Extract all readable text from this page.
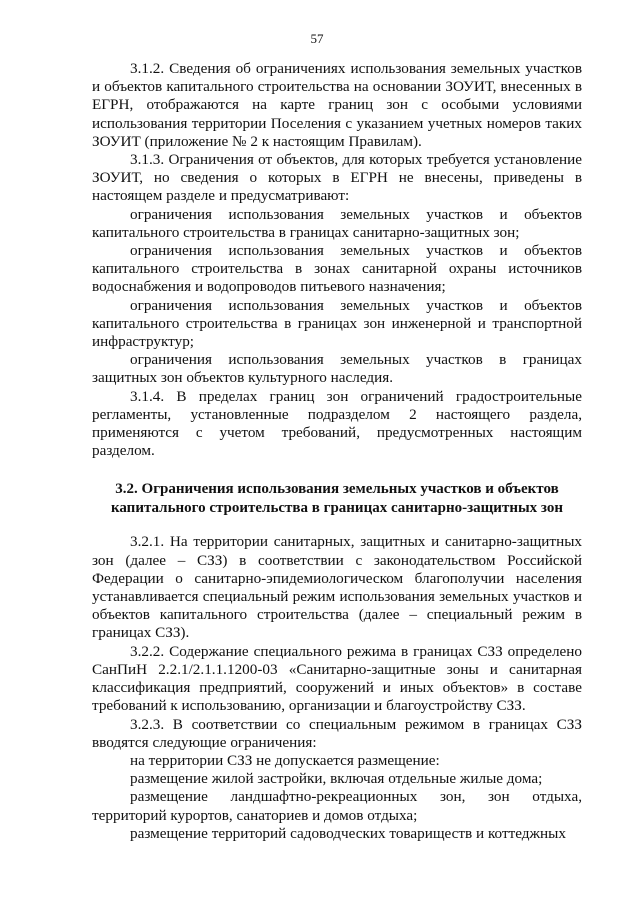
57

3.1.2. Сведения об ограничениях использования земельных участков и объектов капитального строительства на основании ЗОУИТ, внесенных в ЕГРН, отображаются на карте границ зон с особыми условиями использования территории Поселения с указанием учетных номеров таких ЗОУИТ (приложение № 2 к настоящим Правилам).

3.1.3. Ограничения от объектов, для которых требуется установление ЗОУИТ, но сведения о которых в ЕГРН не внесены, приведены в настоящем разделе и предусматривают:

ограничения использования земельных участков и объектов капитального строительства в границах санитарно-защитных зон;

ограничения использования земельных участков и объектов капитального строительства в зонах санитарной охраны источников водоснабжения и водопроводов питьевого назначения;

ограничения использования земельных участков и объектов капитального строительства в границах зон инженерной и транспортной инфраструктур;

ограничения использования земельных участков в границах защитных зон объектов культурного наследия.

3.1.4. В пределах границ зон ограничений градостроительные регламенты, установленные подразделом 2 настоящего раздела, применяются с учетом требований, предусмотренных настоящим разделом.

3.2. Ограничения использования земельных участков и объектов капитального строительства в границах санитарно-защитных зон

3.2.1. На территории санитарных, защитных и санитарно-защитных зон (далее – СЗЗ) в соответствии с законодательством Российской Федерации о санитарно-эпидемиологическом благополучии населения устанавливается специальный режим использования земельных участков и объектов капитального строительства (далее – специальный режим в границах СЗЗ).

3.2.2. Содержание специального режима в границах СЗЗ определено СанПиН 2.2.1/2.1.1.1200-03 «Санитарно-защитные зоны и санитарная классификация предприятий, сооружений и иных объектов» в составе требований к использованию, организации и благоустройству СЗЗ.

3.2.3. В соответствии со специальным режимом в границах СЗЗ вводятся следующие ограничения:

на территории СЗЗ не допускается размещение:

размещение жилой застройки, включая отдельные жилые дома;

размещение ландшафтно-рекреационных зон, зон отдыха, территорий курортов, санаториев и домов отдыха;

размещение территорий садоводческих товариществ и коттеджных
